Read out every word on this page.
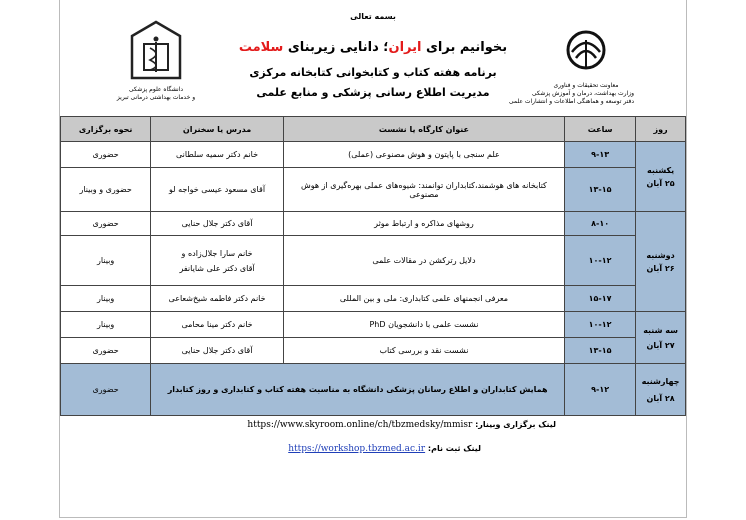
بسمه تعالی
دانشگاه علوم پزشکی
و خدمات بهداشتی درمانی تبریز
بخوانیم برای ایران؛ دانایی زیربنای سلامت
برنامه هفته کتاب و کتابخوانی کتابخانه مرکزی
مدیریت اطلاع رسانی پزشکی و منابع علمی
معاونت تحقیقات و فناوری
وزارت بهداشت، درمان و آموزش پزشکی
دفتر توسعه و هماهنگی اطلاعات و انتشارات علمی
روز	ساعت	عنوان کارگاه یا نشست	مدرس یا سخنران	نحوه برگزاری

یکشنبه
۲۵ آبان	۹-۱۳	علم سنجی با پایتون و هوش مصنوعی (عملی)	خانم دکتر سمیه سلطانی	حضوری
	۱۳-۱۵	کتابخانه های هوشمند،کتابداران توانمند: شیوه‌های عملی بهره‌گیری از هوش مصنوعی	آقای مسعود عیسی خواجه لو	حضوری و وبینار

دوشنبه
۲۶ آبان	۸-۱۰	روشهای مذاکره و ارتباط موثر	آقای دکتر جلال حنایی	حضوری
	۱۰-۱۲	دلایل رترکشن در مقالات علمی	خانم سارا جلال‌زاده و
آقای دکتر علی شایانفر	وبینار
	۱۵-۱۷	معرفی انجمنهای علمی کتابداری: ملی و بین المللی	خانم دکتر فاطمه شیخ‌شعاعی	وبینار

سه شنبه
۲۷ آبان	۱۰-۱۲	نشست علمی با دانشجویان PhD	خانم دکتر مینا محامی	وبینار
	۱۳-۱۵	نشست نقد و بررسی کتاب	آقای دکتر جلال حنایی	حضوری

چهارشنبه
۲۸ آبان	۹-۱۲	همایش کتابداران و اطلاع رسانان پزشکی دانشگاه به مناسبت هفته کتاب و کتابداری و روز کتابدار		حضوری
لینک برگزاری وبینار: https://www.skyroom.online/ch/tbzmedsky/mmisr
لینک ثبت نام: https://workshop.tbzmed.ac.ir
